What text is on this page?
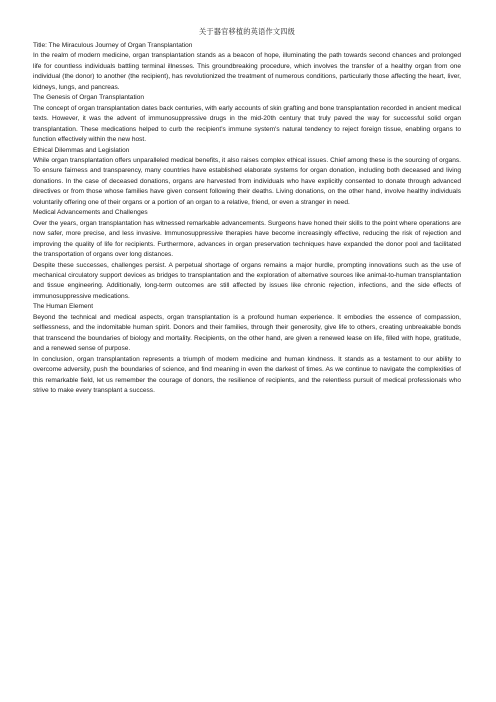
关于器官移植的英语作文四级

Title: The Miraculous Journey of Organ Transplantation

In the realm of modern medicine, organ transplantation stands as a beacon of hope, illuminating the path towards second chances and prolonged life for countless individuals battling terminal illnesses. This groundbreaking procedure, which involves the transfer of a healthy organ from one individual (the donor) to another (the recipient), has revolutionized the treatment of numerous conditions, particularly those affecting the heart, liver, kidneys, lungs, and pancreas.

The Genesis of Organ Transplantation

The concept of organ transplantation dates back centuries, with early accounts of skin grafting and bone transplantation recorded in ancient medical texts. However, it was the advent of immunosuppressive drugs in the mid-20th century that truly paved the way for successful solid organ transplantation. These medications helped to curb the recipient's immune system's natural tendency to reject foreign tissue, enabling organs to function effectively within the new host.

Ethical Dilemmas and Legislation

While organ transplantation offers unparalleled medical benefits, it also raises complex ethical issues. Chief among these is the sourcing of organs. To ensure fairness and transparency, many countries have established elaborate systems for organ donation, including both deceased and living donations. In the case of deceased donations, organs are harvested from individuals who have explicitly consented to donate through advanced directives or from those whose families have given consent following their deaths. Living donations, on the other hand, involve healthy individuals voluntarily offering one of their organs or a portion of an organ to a relative, friend, or even a stranger in need.

Medical Advancements and Challenges

Over the years, organ transplantation has witnessed remarkable advancements. Surgeons have honed their skills to the point where operations are now safer, more precise, and less invasive. Immunosuppressive therapies have become increasingly effective, reducing the risk of rejection and improving the quality of life for recipients. Furthermore, advances in organ preservation techniques have expanded the donor pool and facilitated the transportation of organs over long distances.

Despite these successes, challenges persist. A perpetual shortage of organs remains a major hurdle, prompting innovations such as the use of mechanical circulatory support devices as bridges to transplantation and the exploration of alternative sources like animal-to-human transplantation and tissue engineering. Additionally, long-term outcomes are still affected by issues like chronic rejection, infections, and the side effects of immunosuppressive medications.

The Human Element

Beyond the technical and medical aspects, organ transplantation is a profound human experience. It embodies the essence of compassion, selflessness, and the indomitable human spirit. Donors and their families, through their generosity, give life to others, creating unbreakable bonds that transcend the boundaries of biology and mortality. Recipients, on the other hand, are given a renewed lease on life, filled with hope, gratitude, and a renewed sense of purpose.

In conclusion, organ transplantation represents a triumph of modern medicine and human kindness. It stands as a testament to our ability to overcome adversity, push the boundaries of science, and find meaning in even the darkest of times. As we continue to navigate the complexities of this remarkable field, let us remember the courage of donors, the resilience of recipients, and the relentless pursuit of medical professionals who strive to make every transplant a success.
